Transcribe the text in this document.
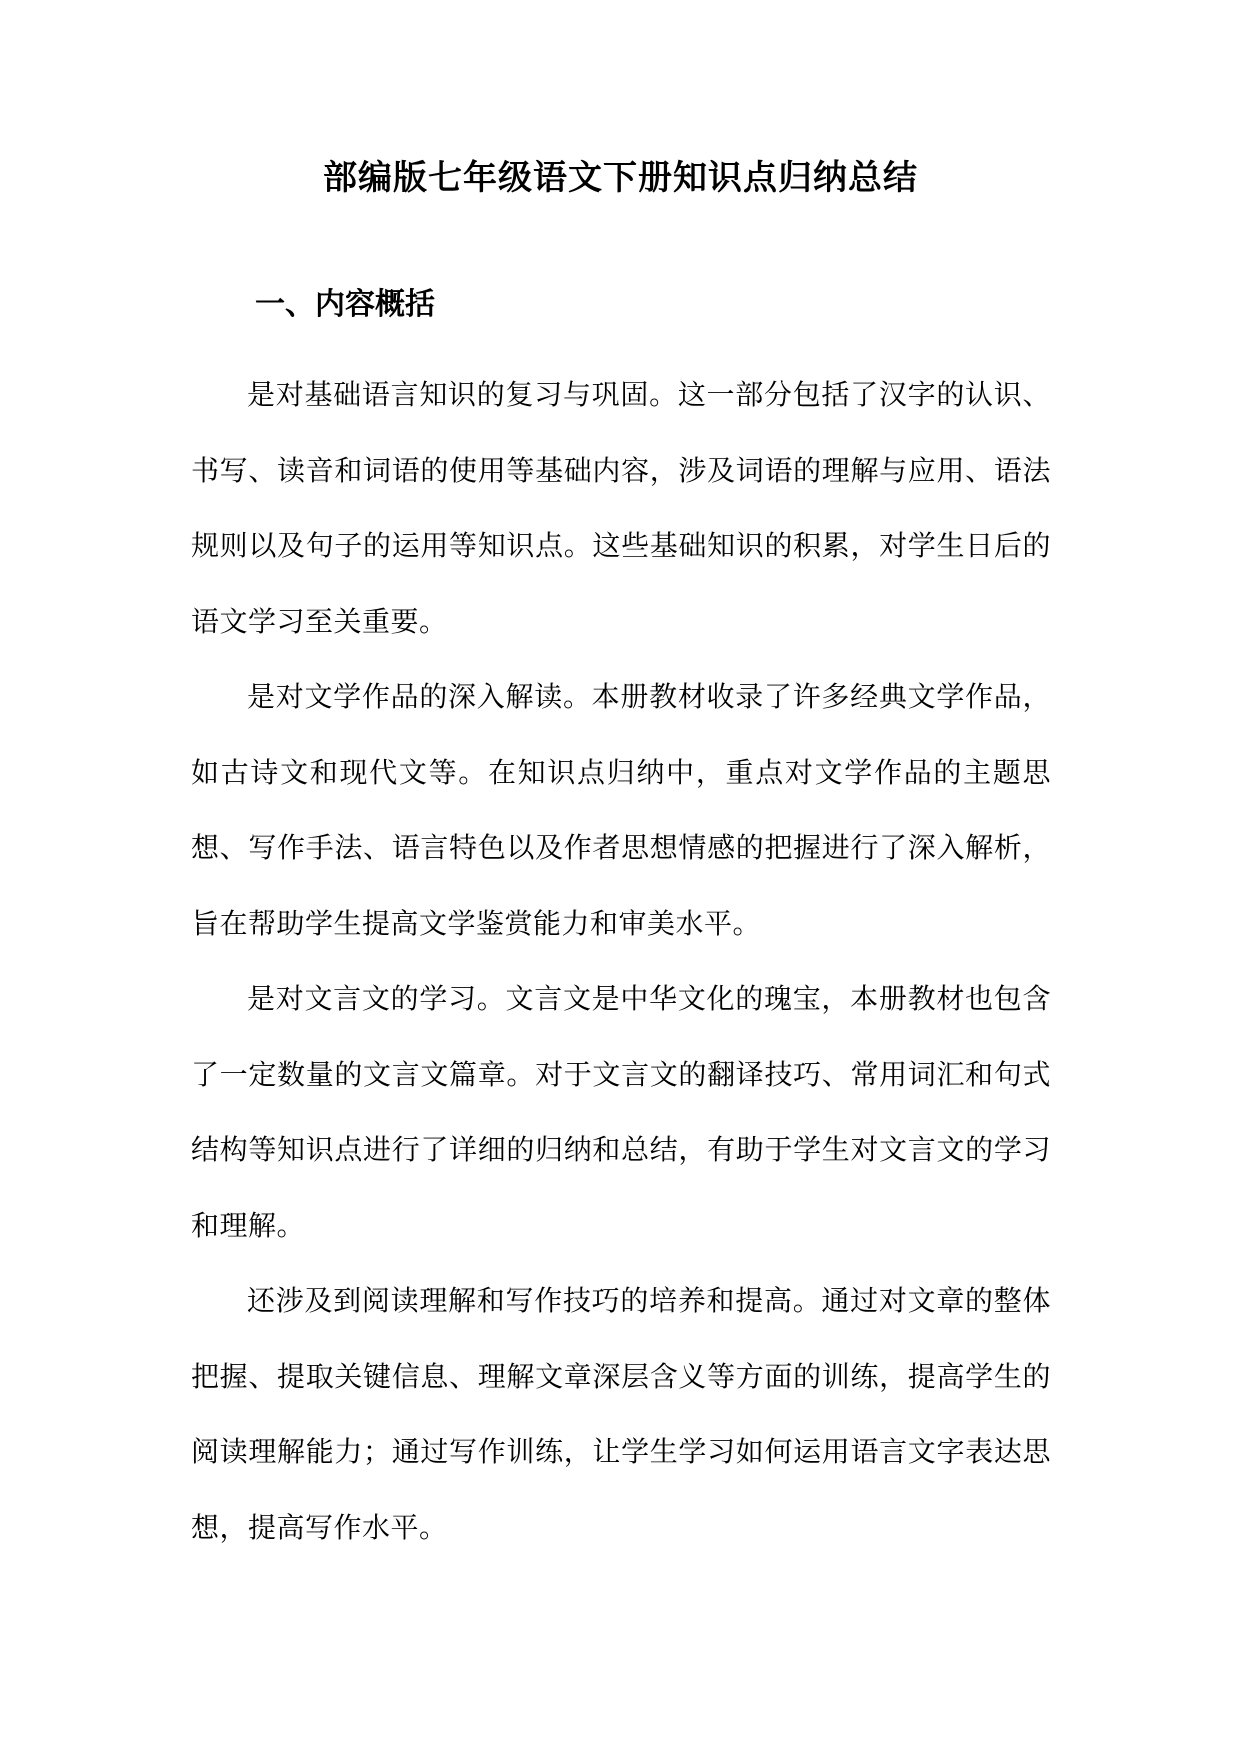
部编版七年级语文下册知识点归纳总结
一、内容概括

是对基础语言知识的复习与巩固。这一部分包括了汉字的认识、书写、读音和词语的使用等基础内容，涉及词语的理解与应用、语法规则以及句子的运用等知识点。这些基础知识的积累，对学生日后的语文学习至关重要。

是对文学作品的深入解读。本册教材收录了许多经典文学作品，如古诗文和现代文等。在知识点归纳中，重点对文学作品的主题思想、写作手法、语言特色以及作者思想情感的把握进行了深入解析，旨在帮助学生提高文学鉴赏能力和审美水平。

是对文言文的学习。文言文是中华文化的瑰宝，本册教材也包含了一定数量的文言文篇章。对于文言文的翻译技巧、常用词汇和句式结构等知识点进行了详细的归纳和总结，有助于学生对文言文的学习和理解。

还涉及到阅读理解和写作技巧的培养和提高。通过对文章的整体把握、提取关键信息、理解文章深层含义等方面的训练，提高学生的阅读理解能力；通过写作训练，让学生学习如何运用语言文字表达思想，提高写作水平。
